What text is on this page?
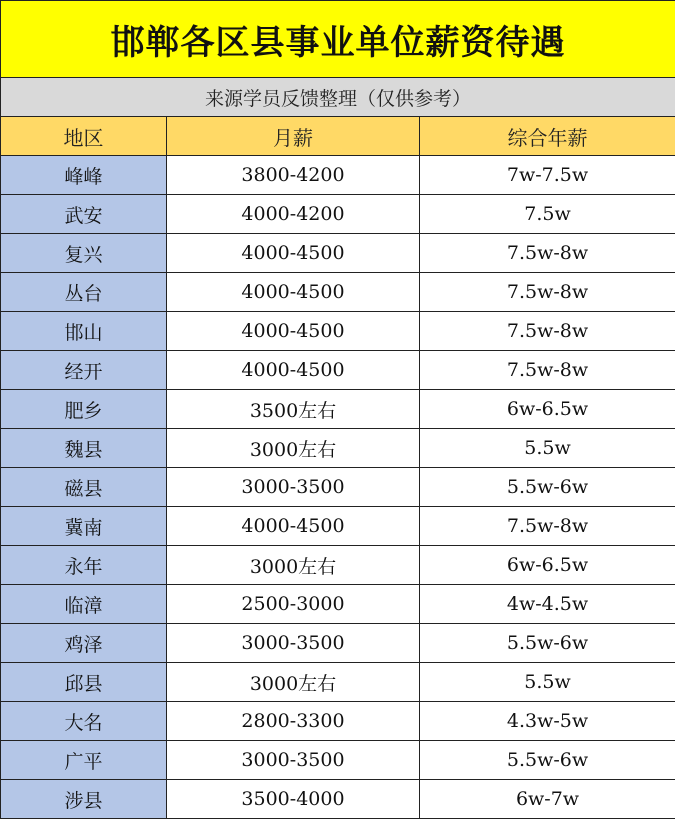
邯郸各区县事业单位薪资待遇		
来源学员反馈整理（仅供参考）		
地区	月薪	综合年薪
峰峰	3800-4200	7w-7.5w
武安	4000-4200	7.5w
复兴	4000-4500	7.5w-8w
丛台	4000-4500	7.5w-8w
邯山	4000-4500	7.5w-8w
经开	4000-4500	7.5w-8w
肥乡	3500左右	6w-6.5w
魏县	3000左右	5.5w
磁县	3000-3500	5.5w-6w
冀南	4000-4500	7.5w-8w
永年	3000左右	6w-6.5w
临漳	2500-3000	4w-4.5w
鸡泽	3000-3500	5.5w-6w
邱县	3000左右	5.5w
大名	2800-3300	4.3w-5w
广平	3000-3500	5.5w-6w
涉县	3500-4000	6w-7w
